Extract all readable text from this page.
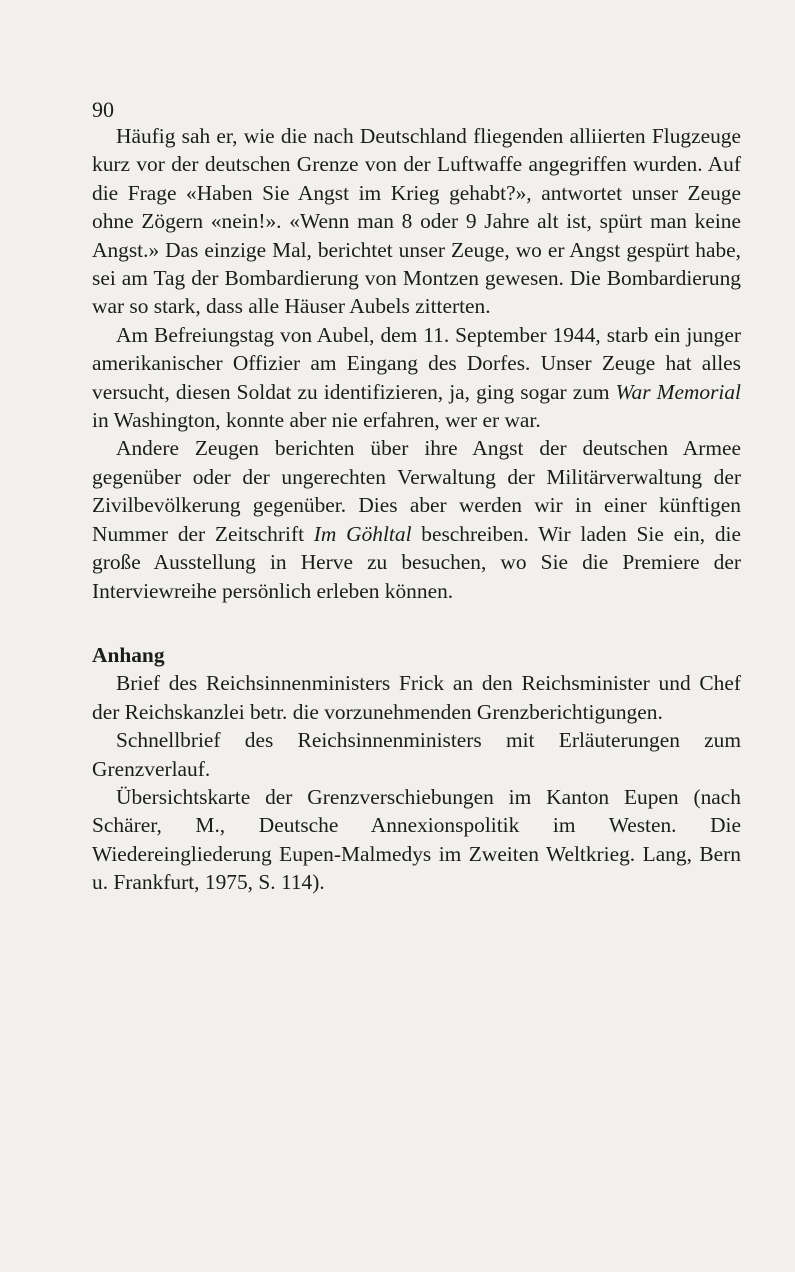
90

Häufig sah er, wie die nach Deutschland fliegenden alliierten Flugzeuge kurz vor der deutschen Grenze von der Luftwaffe angegriffen wurden. Auf die Frage «Haben Sie Angst im Krieg gehabt?», antwortet unser Zeuge ohne Zögern «nein!». «Wenn man 8 oder 9 Jahre alt ist, spürt man keine Angst.» Das einzige Mal, berichtet unser Zeuge, wo er Angst gespürt habe, sei am Tag der Bombardierung von Montzen gewesen. Die Bombardierung war so stark, dass alle Häuser Aubels zitterten.

Am Befreiungstag von Aubel, dem 11. September 1944, starb ein junger amerikanischer Offizier am Eingang des Dorfes. Unser Zeuge hat alles versucht, diesen Soldat zu identifizieren, ja, ging sogar zum War Memorial in Washington, konnte aber nie erfahren, wer er war.

Andere Zeugen berichten über ihre Angst der deutschen Armee gegenüber oder der ungerechten Verwaltung der Militärverwaltung der Zivilbevölkerung gegenüber. Dies aber werden wir in einer künftigen Nummer der Zeitschrift Im Göhltal beschreiben. Wir laden Sie ein, die große Ausstellung in Herve zu besuchen, wo Sie die Premiere der Interviewreihe persönlich erleben können.

Anhang

Brief des Reichsinnenministers Frick an den Reichsminister und Chef der Reichskanzlei betr. die vorzunehmenden Grenzberichtigungen.

Schnellbrief des Reichsinnenministers mit Erläuterungen zum Grenzverlauf.

Übersichtskarte der Grenzverschiebungen im Kanton Eupen (nach Schärer, M., Deutsche Annexionspolitik im Westen. Die Wiedereingliederung Eupen-Malmedys im Zweiten Weltkrieg. Lang, Bern u. Frankfurt, 1975, S. 114).
